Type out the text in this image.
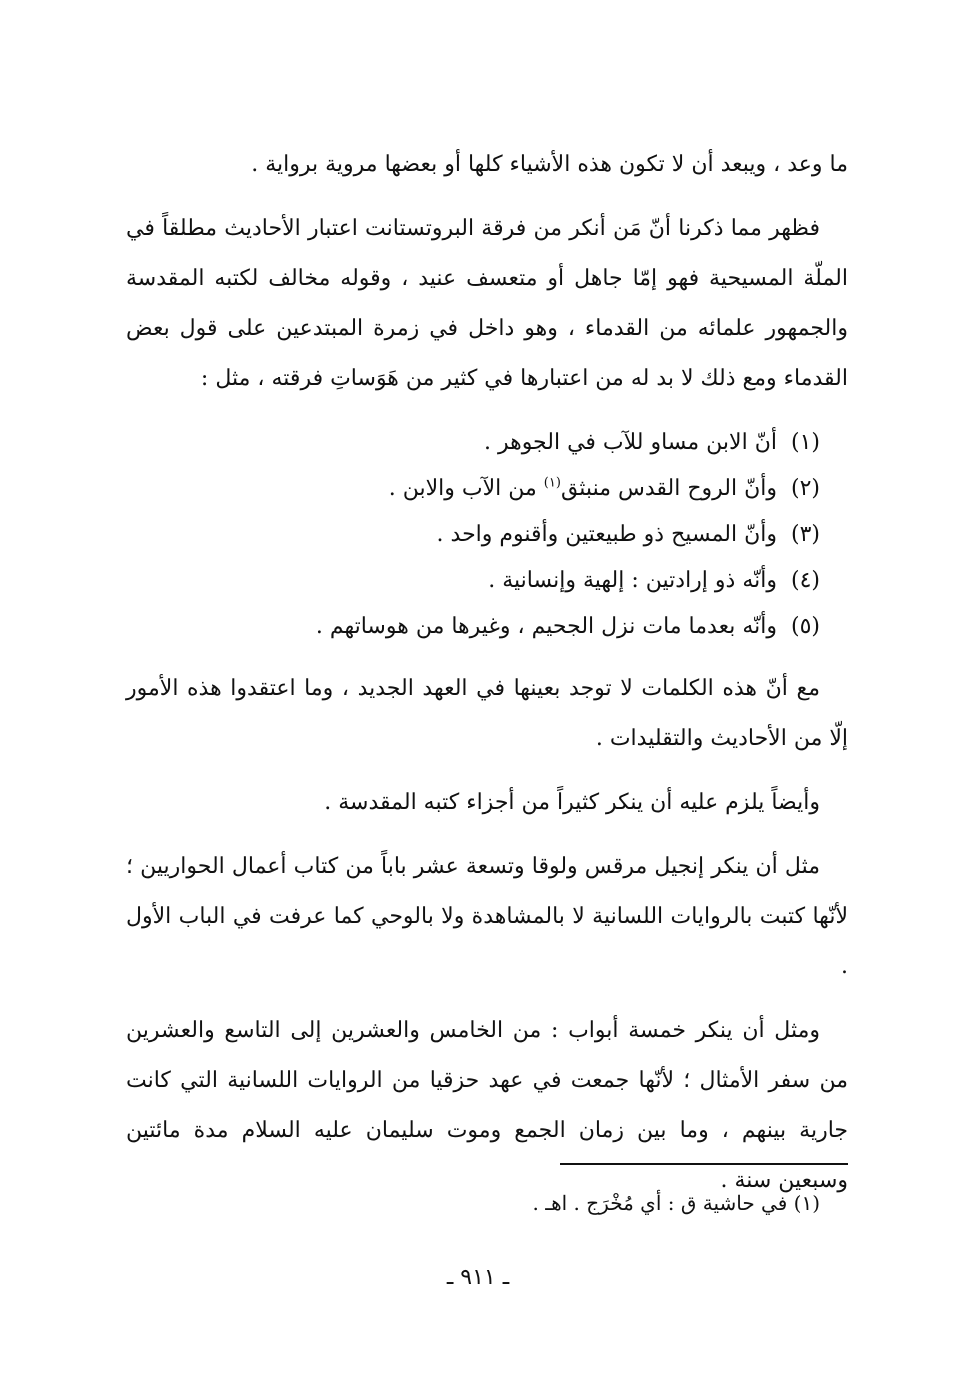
ما وعد ، ويبعد أن لا تكون هذه الأشياء كلها أو بعضها مروية برواية .

فظهر مما ذكرنا أنّ مَن أنكر من فرقة البروتستانت اعتبار الأحاديث مطلقاً في الملّة المسيحية فهو إمّا جاهل أو متعسف عنيد ، وقوله مخالف لكتبه المقدسة والجمهور علمائه من القدماء ، وهو داخل في زمرة المبتدعين على قول بعض القدماء ومع ذلك لا بد له من اعتبارها في كثير من هَوَساتِ فرقته ، مثل :

(١)أنّ الابن مساو للآب في الجوهر .
(٢)وأنّ الروح القدس منبثق$^{(١)}$ من الآب والابن .
(٣)وأنّ المسيح ذو طبيعتين وأقنوم واحد .
(٤)وأنّه ذو إرادتين : إلهية وإنسانية .
(٥)وأنّه بعدما مات نزل الجحيم ، وغيرها من هوساتهم .

مع أنّ هذه الكلمات لا توجد بعينها في العهد الجديد ، وما اعتقدوا هذه الأمور إلّا من الأحاديث والتقليدات .

وأيضاً يلزم عليه أن ينكر كثيراً من أجزاء كتبه المقدسة .

مثل أن ينكر إنجيل مرقس ولوقا وتسعة عشر باباً من كتاب أعمال الحواريين ؛ لأنّها كتبت بالروايات اللسانية لا بالمشاهدة ولا بالوحي كما عرفت في الباب الأول .

ومثل أن ينكر خمسة أبواب : من الخامس والعشرين إلى التاسع والعشرين من سفر الأمثال ؛ لأنّها جمعت في عهد حزقيا من الروايات اللسانية التي كانت جارية بينهم ، وما بين زمان الجمع وموت سليمان عليه السلام مدة مائتين وسبعين سنة .

(١) في حاشية ق : أي مُخْرَج . اهـ .
ـ ٩١١ ـ
